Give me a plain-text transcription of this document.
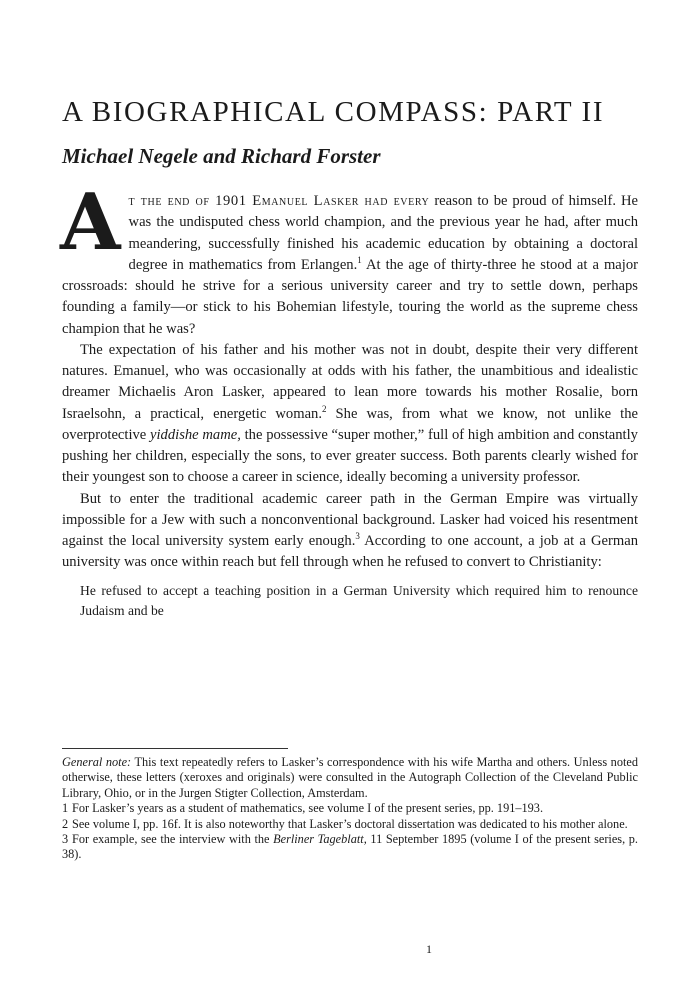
A BIOGRAPHICAL COMPASS: PART II
Michael Negele and Richard Forster

At the end of 1901 Emanuel Lasker had every reason to be proud of himself. He was the undisputed chess world champion, and the previous year he had, after much meandering, successfully finished his academic education by obtaining a doctoral degree in mathematics from Erlangen.$^1$ At the age of thirty-three he stood at a major crossroads: should he strive for a serious university career and try to settle down, perhaps founding a family—or stick to his Bohemian lifestyle, touring the world as the supreme chess champion that he was?

The expectation of his father and his mother was not in doubt, despite their very different natures. Emanuel, who was occasionally at odds with his father, the unambitious and idealistic dreamer Michaelis Aron Lasker, appeared to lean more towards his mother Rosalie, born Israelsohn, a practical, energetic woman.$^2$ She was, from what we know, not unlike the overprotective yiddishe mame, the possessive “super mother,” full of high ambition and constantly pushing her children, especially the sons, to ever greater success. Both parents clearly wished for their youngest son to choose a career in science, ideally becoming a university professor.

But to enter the traditional academic career path in the German Empire was virtually impossible for a Jew with such a nonconventional background. Lasker had voiced his resentment against the local university system early enough.$^3$ According to one account, a job at a German university was once within reach but fell through when he refused to convert to Christianity:

He refused to accept a teaching position in a German University which required him to renounce Judaism and be

General note: This text repeatedly refers to Lasker’s correspondence with his wife Martha and others. Unless noted otherwise, these letters (xeroxes and originals) were consulted in the Autograph Collection of the Cleveland Public Library, Ohio, or in the Jurgen Stigter Collection, Amsterdam.

1 For Lasker’s years as a student of mathematics, see volume I of the present series, pp. 191–193.

2 See volume I, pp. 16f. It is also noteworthy that Lasker’s doctoral dissertation was dedicated to his mother alone.

3 For example, see the interview with the Berliner Tageblatt, 11 September 1895 (volume I of the present series, p. 38).

1
